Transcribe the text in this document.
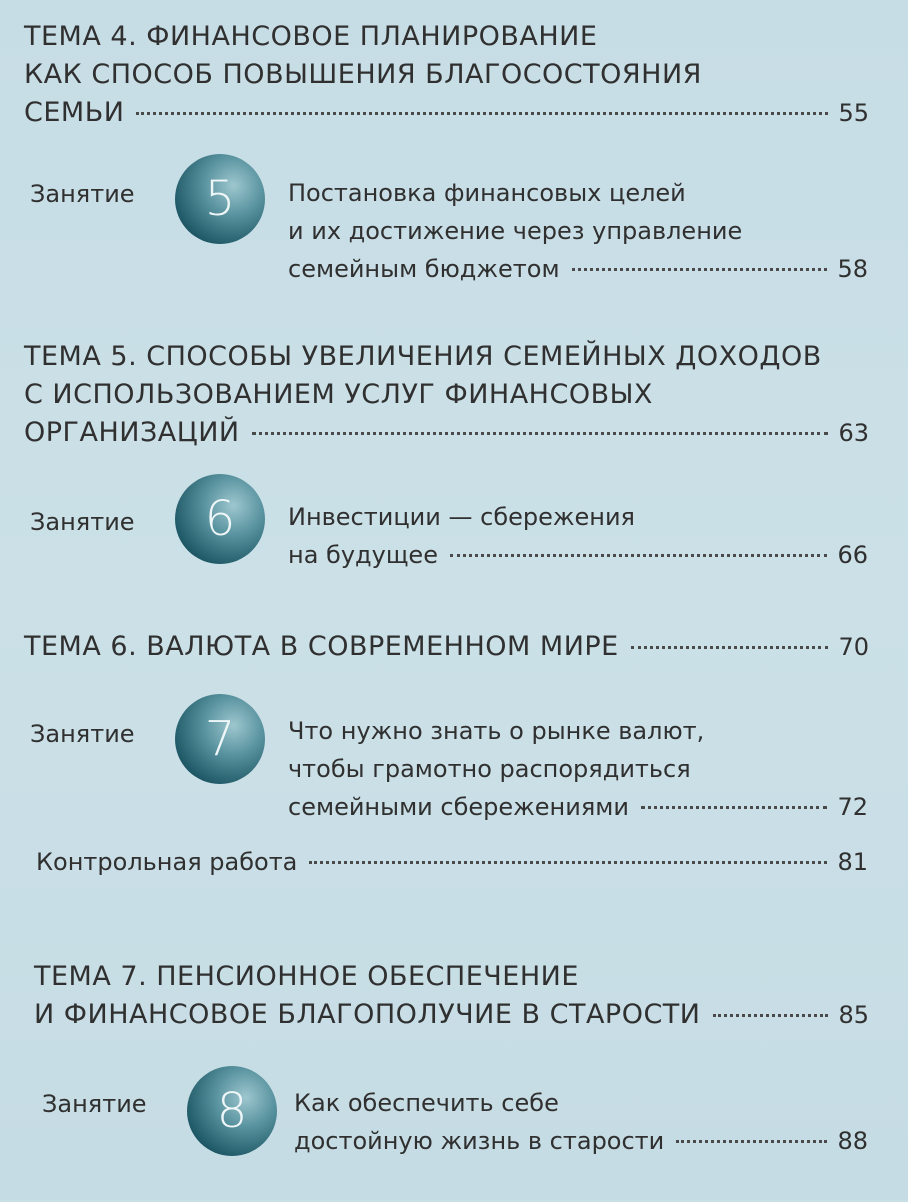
ТЕМА 4. ФИНАНСОВОЕ ПЛАНИРОВАНИЕ
КАК СПОСОБ ПОВЫШЕНИЯ БЛАГОСОСТОЯНИЯ
СЕМЬИ	55
Занятие	5	Постановка финансовых целей
и их достижение через управление
семейным бюджетом	58
ТЕМА 5. СПОСОБЫ УВЕЛИЧЕНИЯ СЕМЕЙНЫХ ДОХОДОВ
С ИСПОЛЬЗОВАНИЕМ УСЛУГ ФИНАНСОВЫХ
ОРГАНИЗАЦИЙ	63
Занятие	6	Инвестиции — сбережения
на будущее	66
ТЕМА 6. ВАЛЮТА В СОВРЕМЕННОМ МИРЕ	70
Занятие	7	Что нужно знать о рынке валют,
чтобы грамотно распорядиться
семейными сбережениями	72
Контрольная работа	81
ТЕМА 7. ПЕНСИОННОЕ ОБЕСПЕЧЕНИЕ
И ФИНАНСОВОЕ БЛАГОПОЛУЧИЕ В СТАРОСТИ	85
Занятие	8	Как обеспечить себе
достойную жизнь в старости	88
